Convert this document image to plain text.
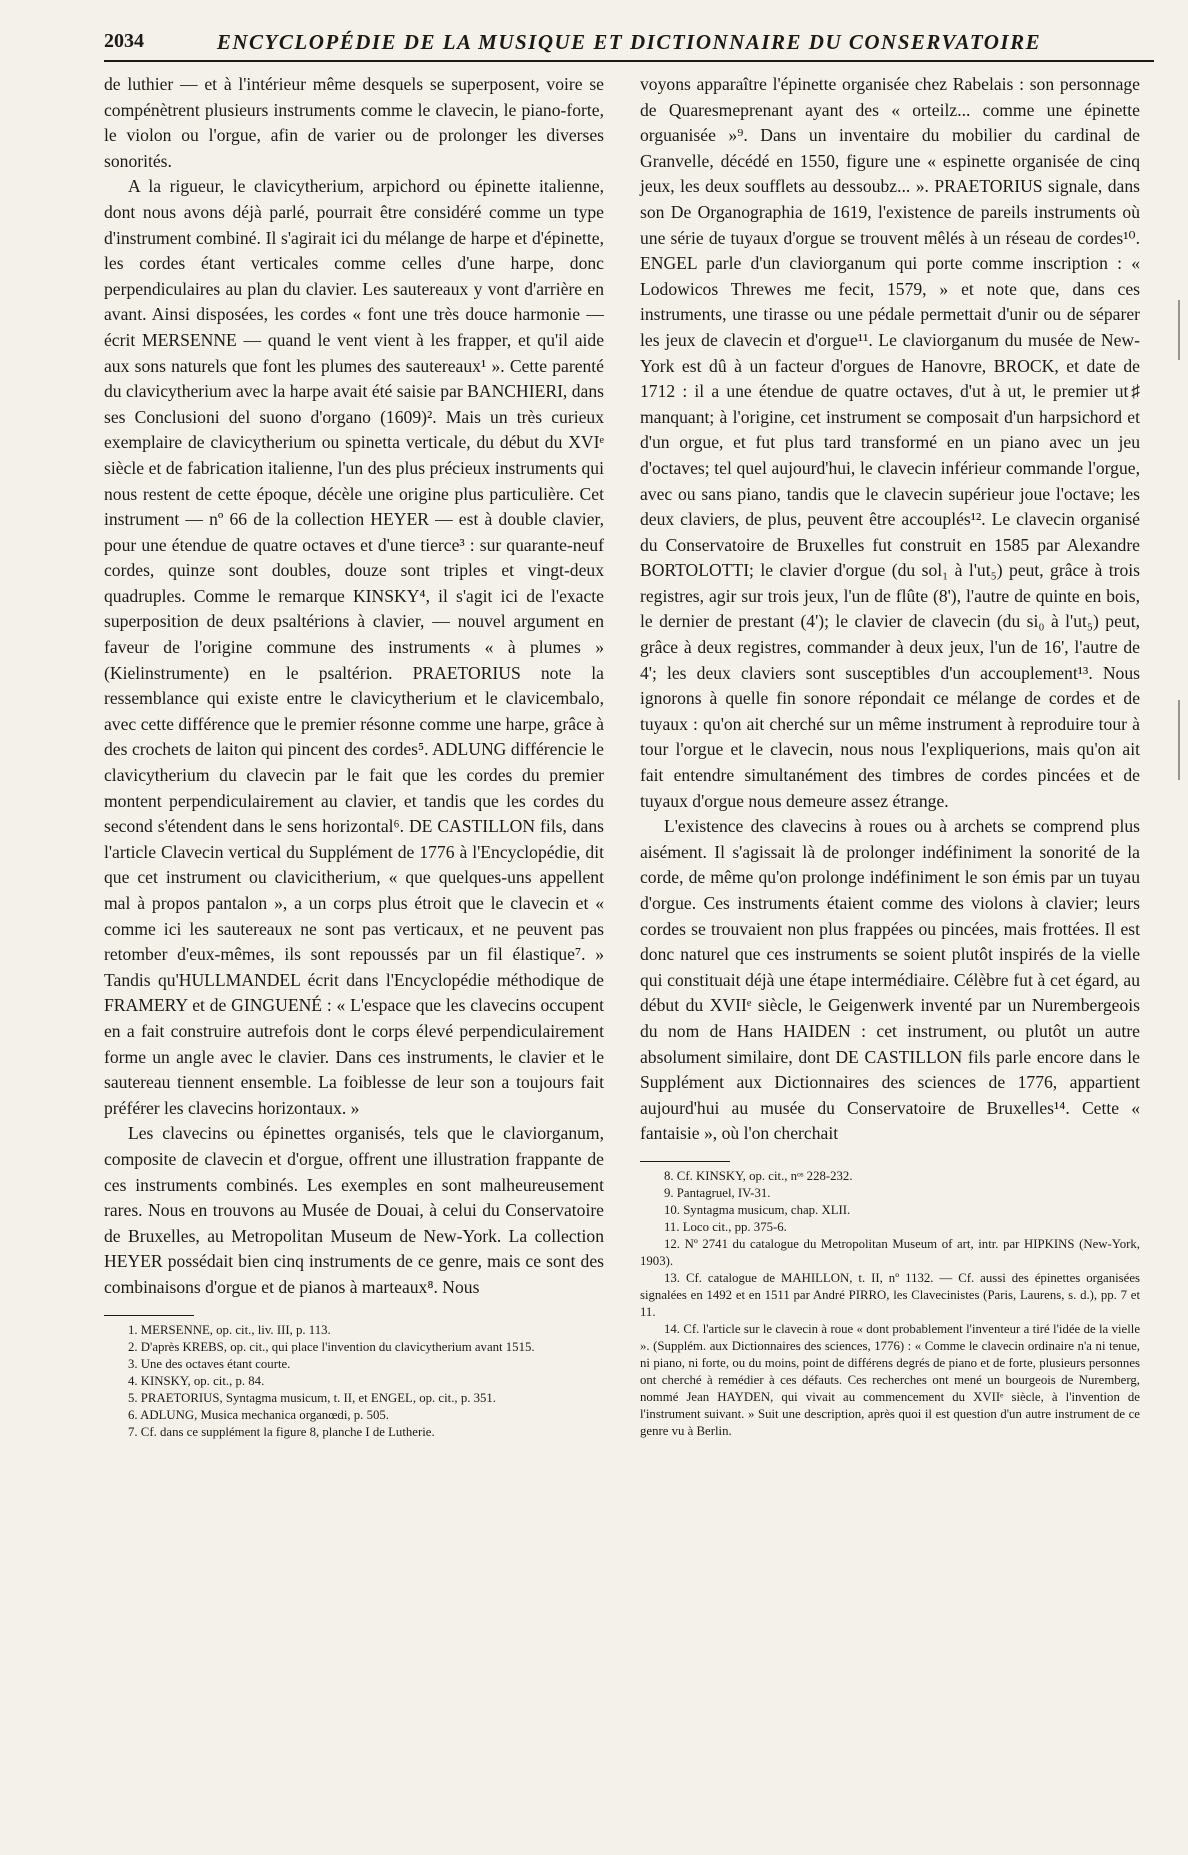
2034	ENCYCLOPÉDIE DE LA MUSIQUE ET DICTIONNAIRE DU CONSERVATOIRE

de luthier — et à l'intérieur même desquels se superposent, voire se compénètrent plusieurs instruments comme le clavecin, le piano-forte, le violon ou l'orgue, afin de varier ou de prolonger les diverses sonorités.

A la rigueur, le clavicytherium, arpichord ou épinette italienne, dont nous avons déjà parlé, pourrait être considéré comme un type d'instrument combiné. Il s'agirait ici du mélange de harpe et d'épinette, les cordes étant verticales comme celles d'une harpe, donc perpendiculaires au plan du clavier. Les sautereaux y vont d'arrière en avant. Ainsi disposées, les cordes « font une très douce harmonie — écrit MERSENNE — quand le vent vient à les frapper, et qu'il aide aux sons naturels que font les plumes des sautereaux¹ ». Cette parenté du clavicytherium avec la harpe avait été saisie par BANCHIERI, dans ses Conclusioni del suono d'organo (1609)². Mais un très curieux exemplaire de clavicytherium ou spinetta verticale, du début du XVIᵉ siècle et de fabrication italienne, l'un des plus précieux instruments qui nous restent de cette époque, décèle une origine plus particulière. Cet instrument — nº 66 de la collection HEYER — est à double clavier, pour une étendue de quatre octaves et d'une tierce³ : sur quarante-neuf cordes, quinze sont doubles, douze sont triples et vingt-deux quadruples. Comme le remarque KINSKY⁴, il s'agit ici de l'exacte superposition de deux psaltérions à clavier, — nouvel argument en faveur de l'origine commune des instruments « à plumes » (Kielinstrumente) en le psaltérion. PRAETORIUS note la ressemblance qui existe entre le clavicytherium et le clavicembalo, avec cette différence que le premier résonne comme une harpe, grâce à des crochets de laiton qui pincent des cordes⁵. ADLUNG différencie le clavicytherium du clavecin par le fait que les cordes du premier montent perpendiculairement au clavier, et tandis que les cordes du second s'étendent dans le sens horizontal⁶. DE CASTILLON fils, dans l'article Clavecin vertical du Supplément de 1776 à l'Encyclopédie, dit que cet instrument ou clavicitherium, « que quelques-uns appellent mal à propos pantalon », a un corps plus étroit que le clavecin et « comme ici les sautereaux ne sont pas verticaux, et ne peuvent pas retomber d'eux-mêmes, ils sont repoussés par un fil élastique⁷. » Tandis qu'HULLMANDEL écrit dans l'Encyclopédie méthodique de FRAMERY et de GINGUENÉ : « L'espace que les clavecins occupent en a fait construire autrefois dont le corps élevé perpendiculairement forme un angle avec le clavier. Dans ces instruments, le clavier et le sautereau tiennent ensemble. La foiblesse de leur son a toujours fait préférer les clavecins horizontaux. »

Les clavecins ou épinettes organisés, tels que le claviorganum, composite de clavecin et d'orgue, offrent une illustration frappante de ces instruments combinés. Les exemples en sont malheureusement rares. Nous en trouvons au Musée de Douai, à celui du Conservatoire de Bruxelles, au Metropolitan Museum de New-York. La collection HEYER possédait bien cinq instruments de ce genre, mais ce sont des combinaisons d'orgue et de pianos à marteaux⁸. Nous

1. MERSENNE, op. cit., liv. III, p. 113.

2. D'après KREBS, op. cit., qui place l'invention du clavicytherium avant 1515.

3. Une des octaves étant courte.

4. KINSKY, op. cit., p. 84.

5. PRAETORIUS, Syntagma musicum, t. II, et ENGEL, op. cit., p. 351.

6. ADLUNG, Musica mechanica organœdi, p. 505.

7. Cf. dans ce supplément la figure 8, planche I de Lutherie.

voyons apparaître l'épinette organisée chez Rabelais : son personnage de Quaresmeprenant ayant des « orteilz... comme une épinette orguanisée »⁹. Dans un inventaire du mobilier du cardinal de Granvelle, décédé en 1550, figure une « espinette organisée de cinq jeux, les deux soufflets au dessoubz... ». PRAETORIUS signale, dans son De Organographia de 1619, l'existence de pareils instruments où une série de tuyaux d'orgue se trouvent mêlés à un réseau de cordes¹⁰. ENGEL parle d'un claviorganum qui porte comme inscription : « Lodowicos Threwes me fecit, 1579, » et note que, dans ces instruments, une tirasse ou une pédale permettait d'unir ou de séparer les jeux de clavecin et d'orgue¹¹. Le claviorganum du musée de New-York est dû à un facteur d'orgues de Hanovre, BROCK, et date de 1712 : il a une étendue de quatre octaves, d'ut à ut, le premier ut♯ manquant; à l'origine, cet instrument se composait d'un harpsichord et d'un orgue, et fut plus tard transformé en un piano avec un jeu d'octaves; tel quel aujourd'hui, le clavecin inférieur commande l'orgue, avec ou sans piano, tandis que le clavecin supérieur joue l'octave; les deux claviers, de plus, peuvent être accouplés¹². Le clavecin organisé du Conservatoire de Bruxelles fut construit en 1585 par Alexandre BORTOLOTTI; le clavier d'orgue (du sol₁ à l'ut₅) peut, grâce à trois registres, agir sur trois jeux, l'un de flûte (8'), l'autre de quinte en bois, le dernier de prestant (4'); le clavier de clavecin (du si₀ à l'ut₅) peut, grâce à deux registres, commander à deux jeux, l'un de 16', l'autre de 4'; les deux claviers sont susceptibles d'un accouplement¹³. Nous ignorons à quelle fin sonore répondait ce mélange de cordes et de tuyaux : qu'on ait cherché sur un même instrument à reproduire tour à tour l'orgue et le clavecin, nous nous l'expliquerions, mais qu'on ait fait entendre simultanément des timbres de cordes pincées et de tuyaux d'orgue nous demeure assez étrange.

L'existence des clavecins à roues ou à archets se comprend plus aisément. Il s'agissait là de prolonger indéfiniment la sonorité de la corde, de même qu'on prolonge indéfiniment le son émis par un tuyau d'orgue. Ces instruments étaient comme des violons à clavier; leurs cordes se trouvaient non plus frappées ou pincées, mais frottées. Il est donc naturel que ces instruments se soient plutôt inspirés de la vielle qui constituait déjà une étape intermédiaire. Célèbre fut à cet égard, au début du XVIIᵉ siècle, le Geigenwerk inventé par un Nurembergeois du nom de Hans HAIDEN : cet instrument, ou plutôt un autre absolument similaire, dont DE CASTILLON fils parle encore dans le Supplément aux Dictionnaires des sciences de 1776, appartient aujourd'hui au musée du Conservatoire de Bruxelles¹⁴. Cette « fantaisie », où l'on cherchait

8. Cf. KINSKY, op. cit., nᵒˢ 228-232.

9. Pantagruel, IV-31.

10. Syntagma musicum, chap. XLII.

11. Loco cit., pp. 375-6.

12. Nº 2741 du catalogue du Metropolitan Museum of art, intr. par HIPKINS (New-York, 1903).

13. Cf. catalogue de MAHILLON, t. II, nº 1132. — Cf. aussi des épinettes organisées signalées en 1492 et en 1511 par André PIRRO, les Clavecinistes (Paris, Laurens, s. d.), pp. 7 et 11.

14. Cf. l'article sur le clavecin à roue « dont probablement l'inventeur a tiré l'idée de la vielle ». (Supplém. aux Dictionnaires des sciences, 1776) : « Comme le clavecin ordinaire n'a ni tenue, ni piano, ni forte, ou du moins, point de différens degrés de piano et de forte, plusieurs personnes ont cherché à remédier à ces défauts. Ces recherches ont mené un bourgeois de Nuremberg, nommé Jean HAYDEN, qui vivait au commencement du XVIIᵉ siècle, à l'invention de l'instrument suivant. » Suit une description, après quoi il est question d'un autre instrument de ce genre vu à Berlin.
